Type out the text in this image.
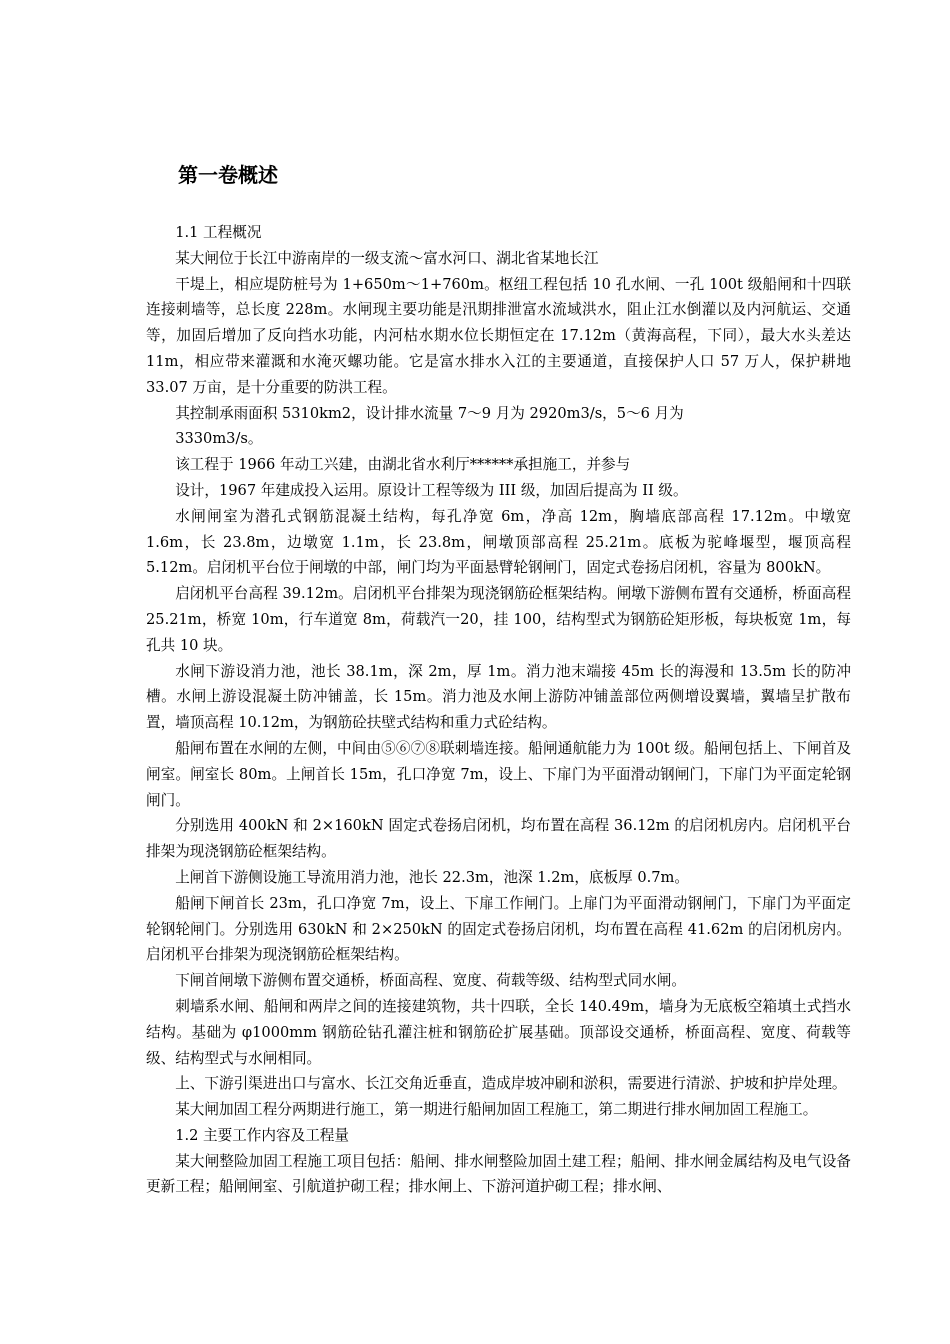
第一卷概述

1.1 工程概况

某大闸位于长江中游南岸的一级支流～富水河口、湖北省某地长江

干堤上，相应堤防桩号为 1+650m～1+760m。枢纽工程包括 10 孔水闸、一孔 100t 级船闸和十四联连接刺墙等，总长度 228m。水闸现主要功能是汛期排泄富水流域洪水，阻止江水倒灌以及内河航运、交通等，加固后增加了反向挡水功能，内河枯水期水位长期恒定在 17.12m（黄海高程，下同），最大水头差达 11m，相应带来灌溉和水淹灭螺功能。它是富水排水入江的主要通道，直接保护人口 57 万人，保护耕地 33.07 万亩，是十分重要的防洪工程。

其控制承雨面积 5310km2，设计排水流量 7～9 月为 2920m3/s，5～6 月为

3330m3/s。

该工程于 1966 年动工兴建，由湖北省水利厅******承担施工，并参与

设计，1967 年建成投入运用。原设计工程等级为 III 级，加固后提高为 II 级。

水闸闸室为潜孔式钢筋混凝土结构，每孔净宽 6m，净高 12m，胸墙底部高程 17.12m。中墩宽 1.6m，长 23.8m，边墩宽 1.1m，长 23.8m，闸墩顶部高程 25.21m。底板为驼峰堰型，堰顶高程 5.12m。启闭机平台位于闸墩的中部，闸门均为平面悬臂轮钢闸门，固定式卷扬启闭机，容量为 800kN。

启闭机平台高程 39.12m。启闭机平台排架为现浇钢筋砼框架结构。闸墩下游侧布置有交通桥，桥面高程 25.21m，桥宽 10m，行车道宽 8m，荷载汽一20，挂 100，结构型式为钢筋砼矩形板，每块板宽 1m，每孔共 10 块。

水闸下游设消力池，池长 38.1m，深 2m，厚 1m。消力池末端接 45m 长的海漫和 13.5m 长的防冲槽。水闸上游设混凝土防冲铺盖，长 15m。消力池及水闸上游防冲铺盖部位两侧增设翼墙，翼墙呈扩散布置，墙顶高程 10.12m，为钢筋砼扶壁式结构和重力式砼结构。

船闸布置在水闸的左侧，中间由⑤⑥⑦⑧联刺墙连接。船闸通航能力为 100t 级。船闸包括上、下闸首及闸室。闸室长 80m。上闸首长 15m，孔口净宽 7m，设上、下扉门为平面滑动钢闸门，下扉门为平面定轮钢闸门。

分别选用 400kN 和 2×160kN 固定式卷扬启闭机，均布置在高程 36.12m 的启闭机房内。启闭机平台排架为现浇钢筋砼框架结构。

上闸首下游侧设施工导流用消力池，池长 22.3m，池深 1.2m，底板厚 0.7m。

船闸下闸首长 23m，孔口净宽 7m，设上、下扉工作闸门。上扉门为平面滑动钢闸门，下扉门为平面定轮钢轮闸门。分别选用 630kN 和 2×250kN 的固定式卷扬启闭机，均布置在高程 41.62m 的启闭机房内。启闭机平台排架为现浇钢筋砼框架结构。

下闸首闸墩下游侧布置交通桥，桥面高程、宽度、荷载等级、结构型式同水闸。

刺墙系水闸、船闸和两岸之间的连接建筑物，共十四联，全长 140.49m，墙身为无底板空箱填土式挡水结构。基础为 φ1000mm 钢筋砼钻孔灌注桩和钢筋砼扩展基础。顶部设交通桥，桥面高程、宽度、荷载等级、结构型式与水闸相同。

上、下游引渠进出口与富水、长江交角近垂直，造成岸坡冲刷和淤积，需要进行清淤、护坡和护岸处理。

某大闸加固工程分两期进行施工，第一期进行船闸加固工程施工，第二期进行排水闸加固工程施工。

1.2 主要工作内容及工程量

某大闸整险加固工程施工项目包括：船闸、排水闸整险加固土建工程；船闸、排水闸金属结构及电气设备更新工程；船闸闸室、引航道护砌工程；排水闸上、下游河道护砌工程；排水闸、
